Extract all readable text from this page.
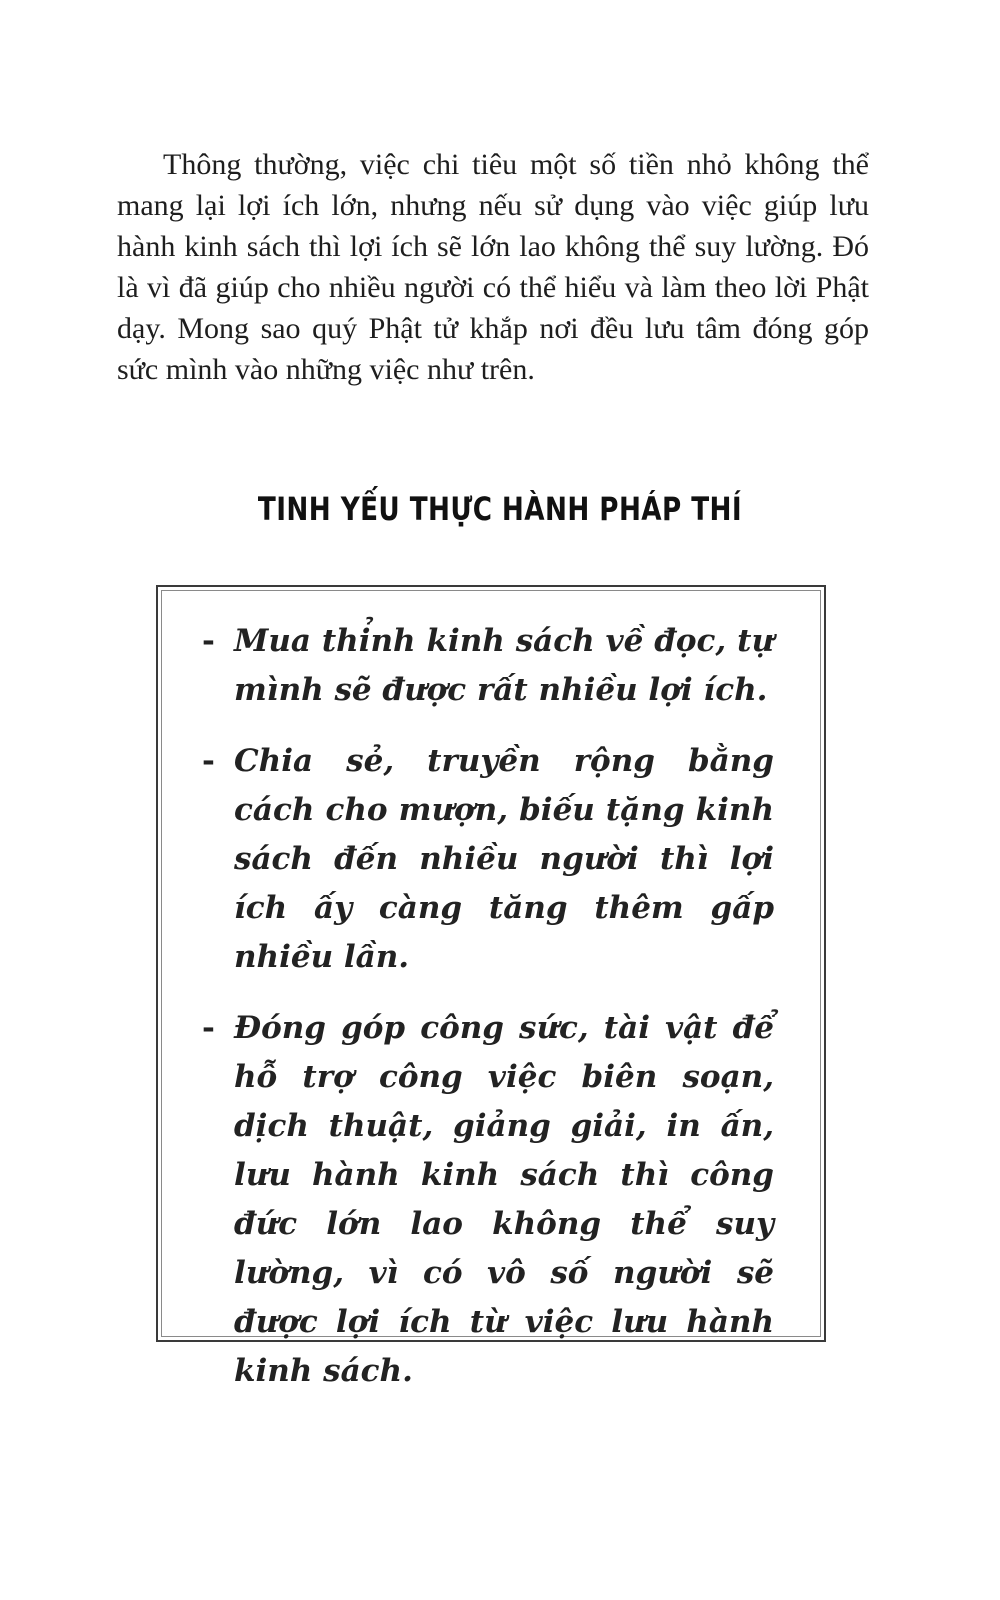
Thông thường, việc chi tiêu một số tiền nhỏ không thể mang lại lợi ích lớn, nhưng nếu sử dụng vào việc giúp lưu hành kinh sách thì lợi ích sẽ lớn lao không thể suy lường. Đó là vì đã giúp cho nhiều người có thể hiểu và làm theo lời Phật dạy. Mong sao quý Phật tử khắp nơi đều lưu tâm đóng góp sức mình vào những việc như trên.

TINH YẾU THỰC HÀNH PHÁP THÍ
- Mua thỉnh kinh sách về đọc, tự mình sẽ được rất nhiều lợi ích.
- Chia sẻ, truyền rộng bằng cách cho mượn, biếu tặng kinh sách đến nhiều người thì lợi ích ấy càng tăng thêm gấp nhiều lần.
- Đóng góp công sức, tài vật để hỗ trợ công việc biên soạn, dịch thuật, giảng giải, in ấn, lưu hành kinh sách thì công đức lớn lao không thể suy lường, vì có vô số người sẽ được lợi ích từ việc lưu hành kinh sách.
